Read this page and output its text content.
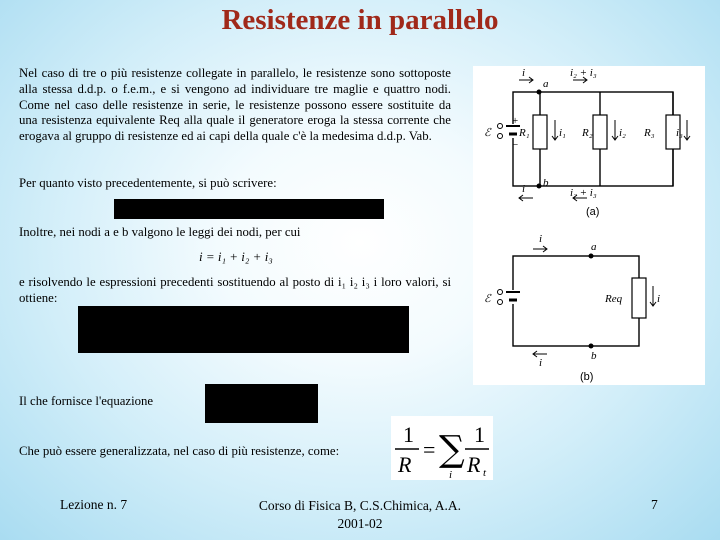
Resistenze in parallelo

Nel caso di tre o più resistenze collegate in parallelo, le resistenze sono sottoposte alla stessa d.d.p. o f.e.m., e si vengono ad individuare tre maglie e quattro nodi. Come nel caso delle resistenze in serie, le resistenze possono essere sostituite da una resistenza equivalente Req alla quale il generatore eroga la stessa corrente che erogava al gruppo di resistenze ed ai capi della quale c'è la medesima d.d.p. Vab.

Per quanto visto precedentemente, si può scrivere:

Inoltre, nei nodi a e b valgono le leggi dei nodi, per cui

i = i₁ + i₂ + i₃

e risolvendo le espressioni precedenti sostituendo al posto di i₁ i₂ i₃ i loro valori, si ottiene:

Il che fornisce l'equazione

Che può essere generalizzata, nel caso di più resistenze, come:

1
R
= ∑
i
1
R t
i	i₂ + i₃
a
b
i	i₂ + i₃
ℰ
+
−
R₁	i₁ R₂ i₂ R₃ i₃
(a)
i
a
b
i
ℰ	Req	i
(b)

Lezione n. 7	Corso di Fisica B, C.S.Chimica, A.A. 2001-02

7
